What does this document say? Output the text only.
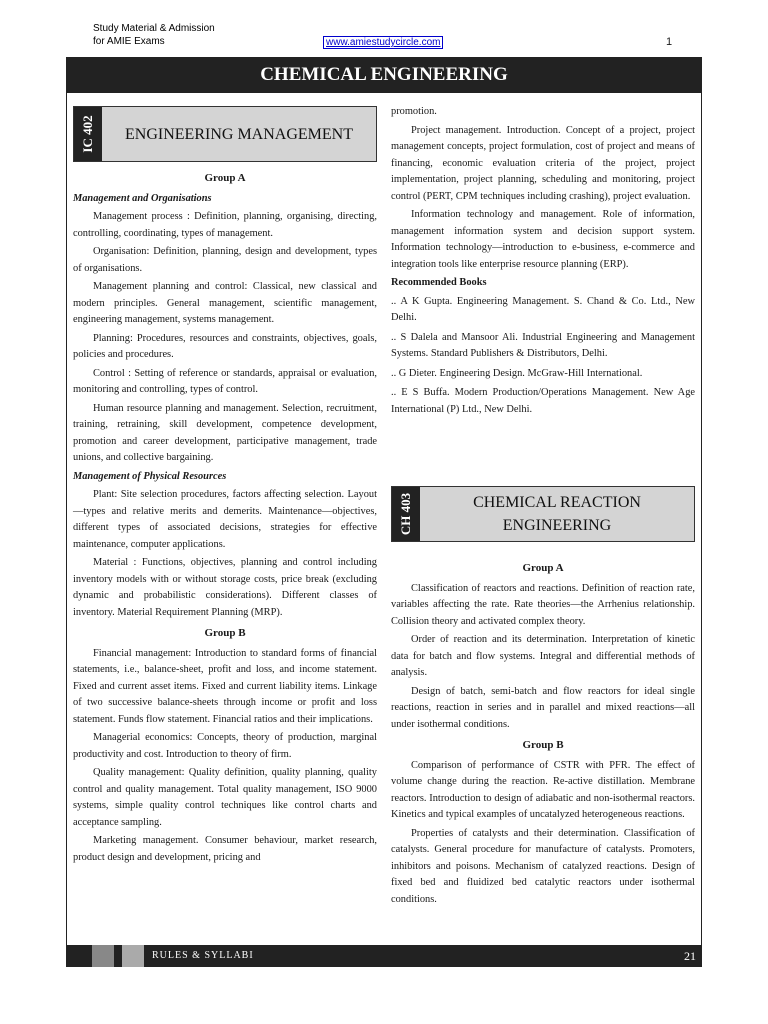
Study Material & Admission
for AMIE Exams	www.amiestudycircle.com	1
CHEMICAL ENGINEERING
IC 402	ENGINEERING MANAGEMENT
Group A
Management and Organisations

Management process : Definition, planning, organising, directing, controlling, coordinating, types of management.

Organisation: Definition, planning, design and development, types of organisations.

Management planning and control: Classical, new classical and modern principles. General management, scientific management, engineering management, systems management.

Planning: Procedures, resources and constraints, objectives, goals, policies and procedures.

Control : Setting of reference or standards, appraisal or evaluation, monitoring and controlling, types of control.

Human resource planning and management. Selection, recruitment, training, retraining, skill development, competence development, promotion and career development, participative management, trade unions, and collective bargaining.

Management of Physical Resources

Plant: Site selection procedures, factors affecting selection. Layout—types and relative merits and demerits. Maintenance—objectives, different types of associated decisions, strategies for effective maintenance, computer applications.

Material : Functions, objectives, planning and control including inventory models with or without storage costs, price break (excluding dynamic and probabilistic considerations). Different classes of inventory. Material Requirement Planning (MRP).

Group B

Financial management: Introduction to standard forms of financial statements, i.e., balance-sheet, profit and loss, and income statement. Fixed and current asset items. Fixed and current liability items. Linkage of two successive balance-sheets through income or profit and loss statement. Funds flow statement. Financial ratios and their implications.

Managerial economics: Concepts, theory of production, marginal productivity and cost. Introduction to theory of firm.

Quality management: Quality definition, quality planning, quality control and quality management. Total quality management, ISO 9000 systems, simple quality control techniques like control charts and acceptance sampling.

Marketing management. Consumer behaviour, market research, product design and development, pricing and

promotion.

Project management. Introduction. Concept of a project, project management concepts, project formulation, cost of project and means of financing, economic evaluation criteria of the project, project implementation, project planning, scheduling and monitoring, project control (PERT, CPM techniques including crashing), project evaluation.

Information technology and management. Role of information, management information system and decision support system. Information technology—introduction to e-business, e-commerce and integration tools like enterprise resource planning (ERP).

Recommended Books

.. A K Gupta. Engineering Management. S. Chand & Co. Ltd., New Delhi.

.. S Dalela and Mansoor Ali. Industrial Engineering and Management Systems. Standard Publishers & Distributors, Delhi.

.. G Dieter. Engineering Design. McGraw-Hill International.

.. E S Buffa. Modern Production/Operations Management. New Age International (P) Ltd., New Delhi.

CH 403	CHEMICAL REACTION
ENGINEERING
Group A

Classification of reactors and reactions. Definition of reaction rate, variables affecting the rate. Rate theories—the Arrhenius relationship. Collision theory and activated complex theory.

Order of reaction and its determination. Interpretation of kinetic data for batch and flow systems. Integral and differential methods of analysis.

Design of batch, semi-batch and flow reactors for ideal single reactions, reaction in series and in parallel and mixed reactions—all under isothermal conditions.

Group B

Comparison of performance of CSTR with PFR. The effect of volume change during the reaction. Re-active distillation. Membrane reactors. Introduction to design of adiabatic and non-isothermal reactors. Kinetics and typical examples of uncatalyzed heterogeneous reactions.

Properties of catalysts and their determination. Classification of catalysts. General procedure for manufacture of catalysts. Promoters, inhibitors and poisons. Mechanism of catalyzed reactions. Design of fixed bed and fluidized bed catalytic reactors under isothermal conditions.

RULES & SYLLABI	21
